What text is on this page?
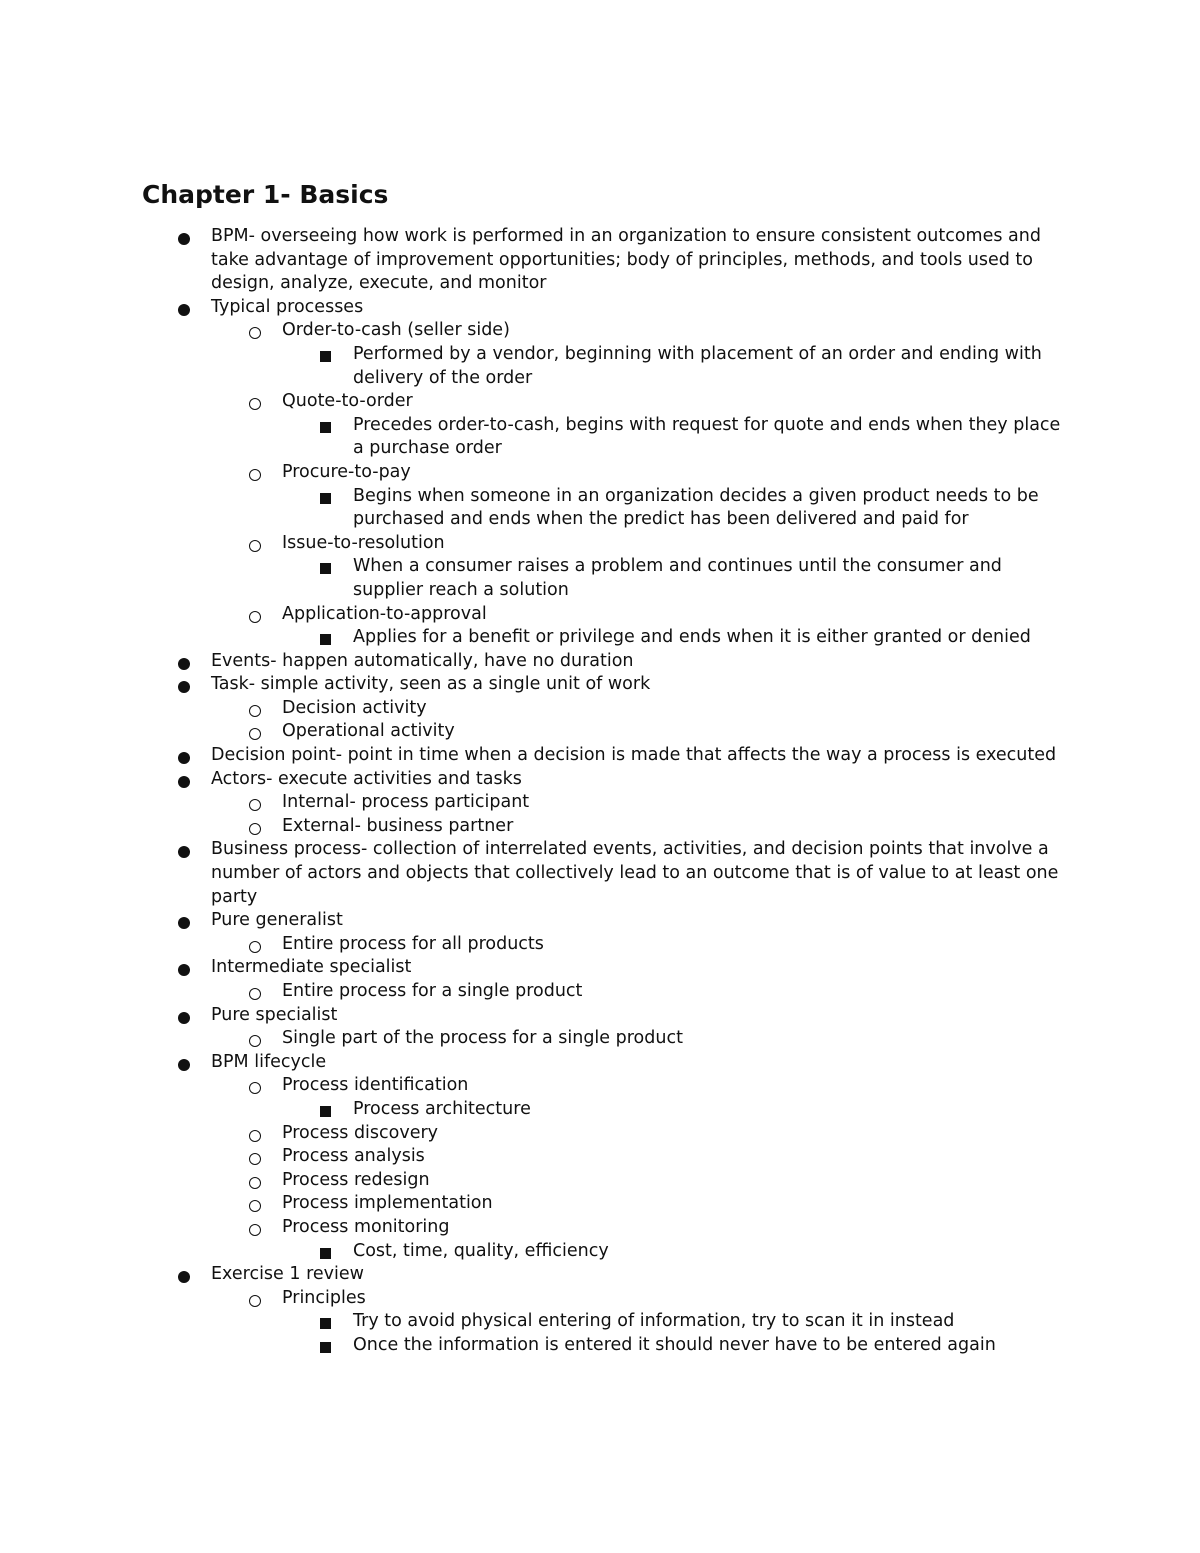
Chapter 1- Basics
BPM- overseeing how work is performed in an organization to ensure consistent outcomes and take advantage of improvement opportunities; body of principles, methods, and tools used to design, analyze, execute, and monitor
Typical processes
Order-to-cash (seller side)
Performed by a vendor, beginning with placement of an order and ending with delivery of the order
Quote-to-order
Precedes order-to-cash, begins with request for quote and ends when they place a purchase order
Procure-to-pay
Begins when someone in an organization decides a given product needs to be purchased and ends when the predict has been delivered and paid for
Issue-to-resolution
When a consumer raises a problem and continues until the consumer and supplier reach a solution
Application-to-approval
Applies for a benefit or privilege and ends when it is either granted or denied
Events- happen automatically, have no duration
Task- simple activity, seen as a single unit of work
Decision activity
Operational activity
Decision point- point in time when a decision is made that affects the way a process is executed
Actors- execute activities and tasks
Internal- process participant
External- business partner
Business process- collection of interrelated events, activities, and decision points that involve a number of actors and objects that collectively lead to an outcome that is of value to at least one party
Pure generalist
Entire process for all products
Intermediate specialist
Entire process for a single product
Pure specialist
Single part of the process for a single product
BPM lifecycle
Process identification
Process architecture
Process discovery
Process analysis
Process redesign
Process implementation
Process monitoring
Cost, time, quality, efficiency
Exercise 1 review
Principles
Try to avoid physical entering of information, try to scan it in instead
Once the information is entered it should never have to be entered again
